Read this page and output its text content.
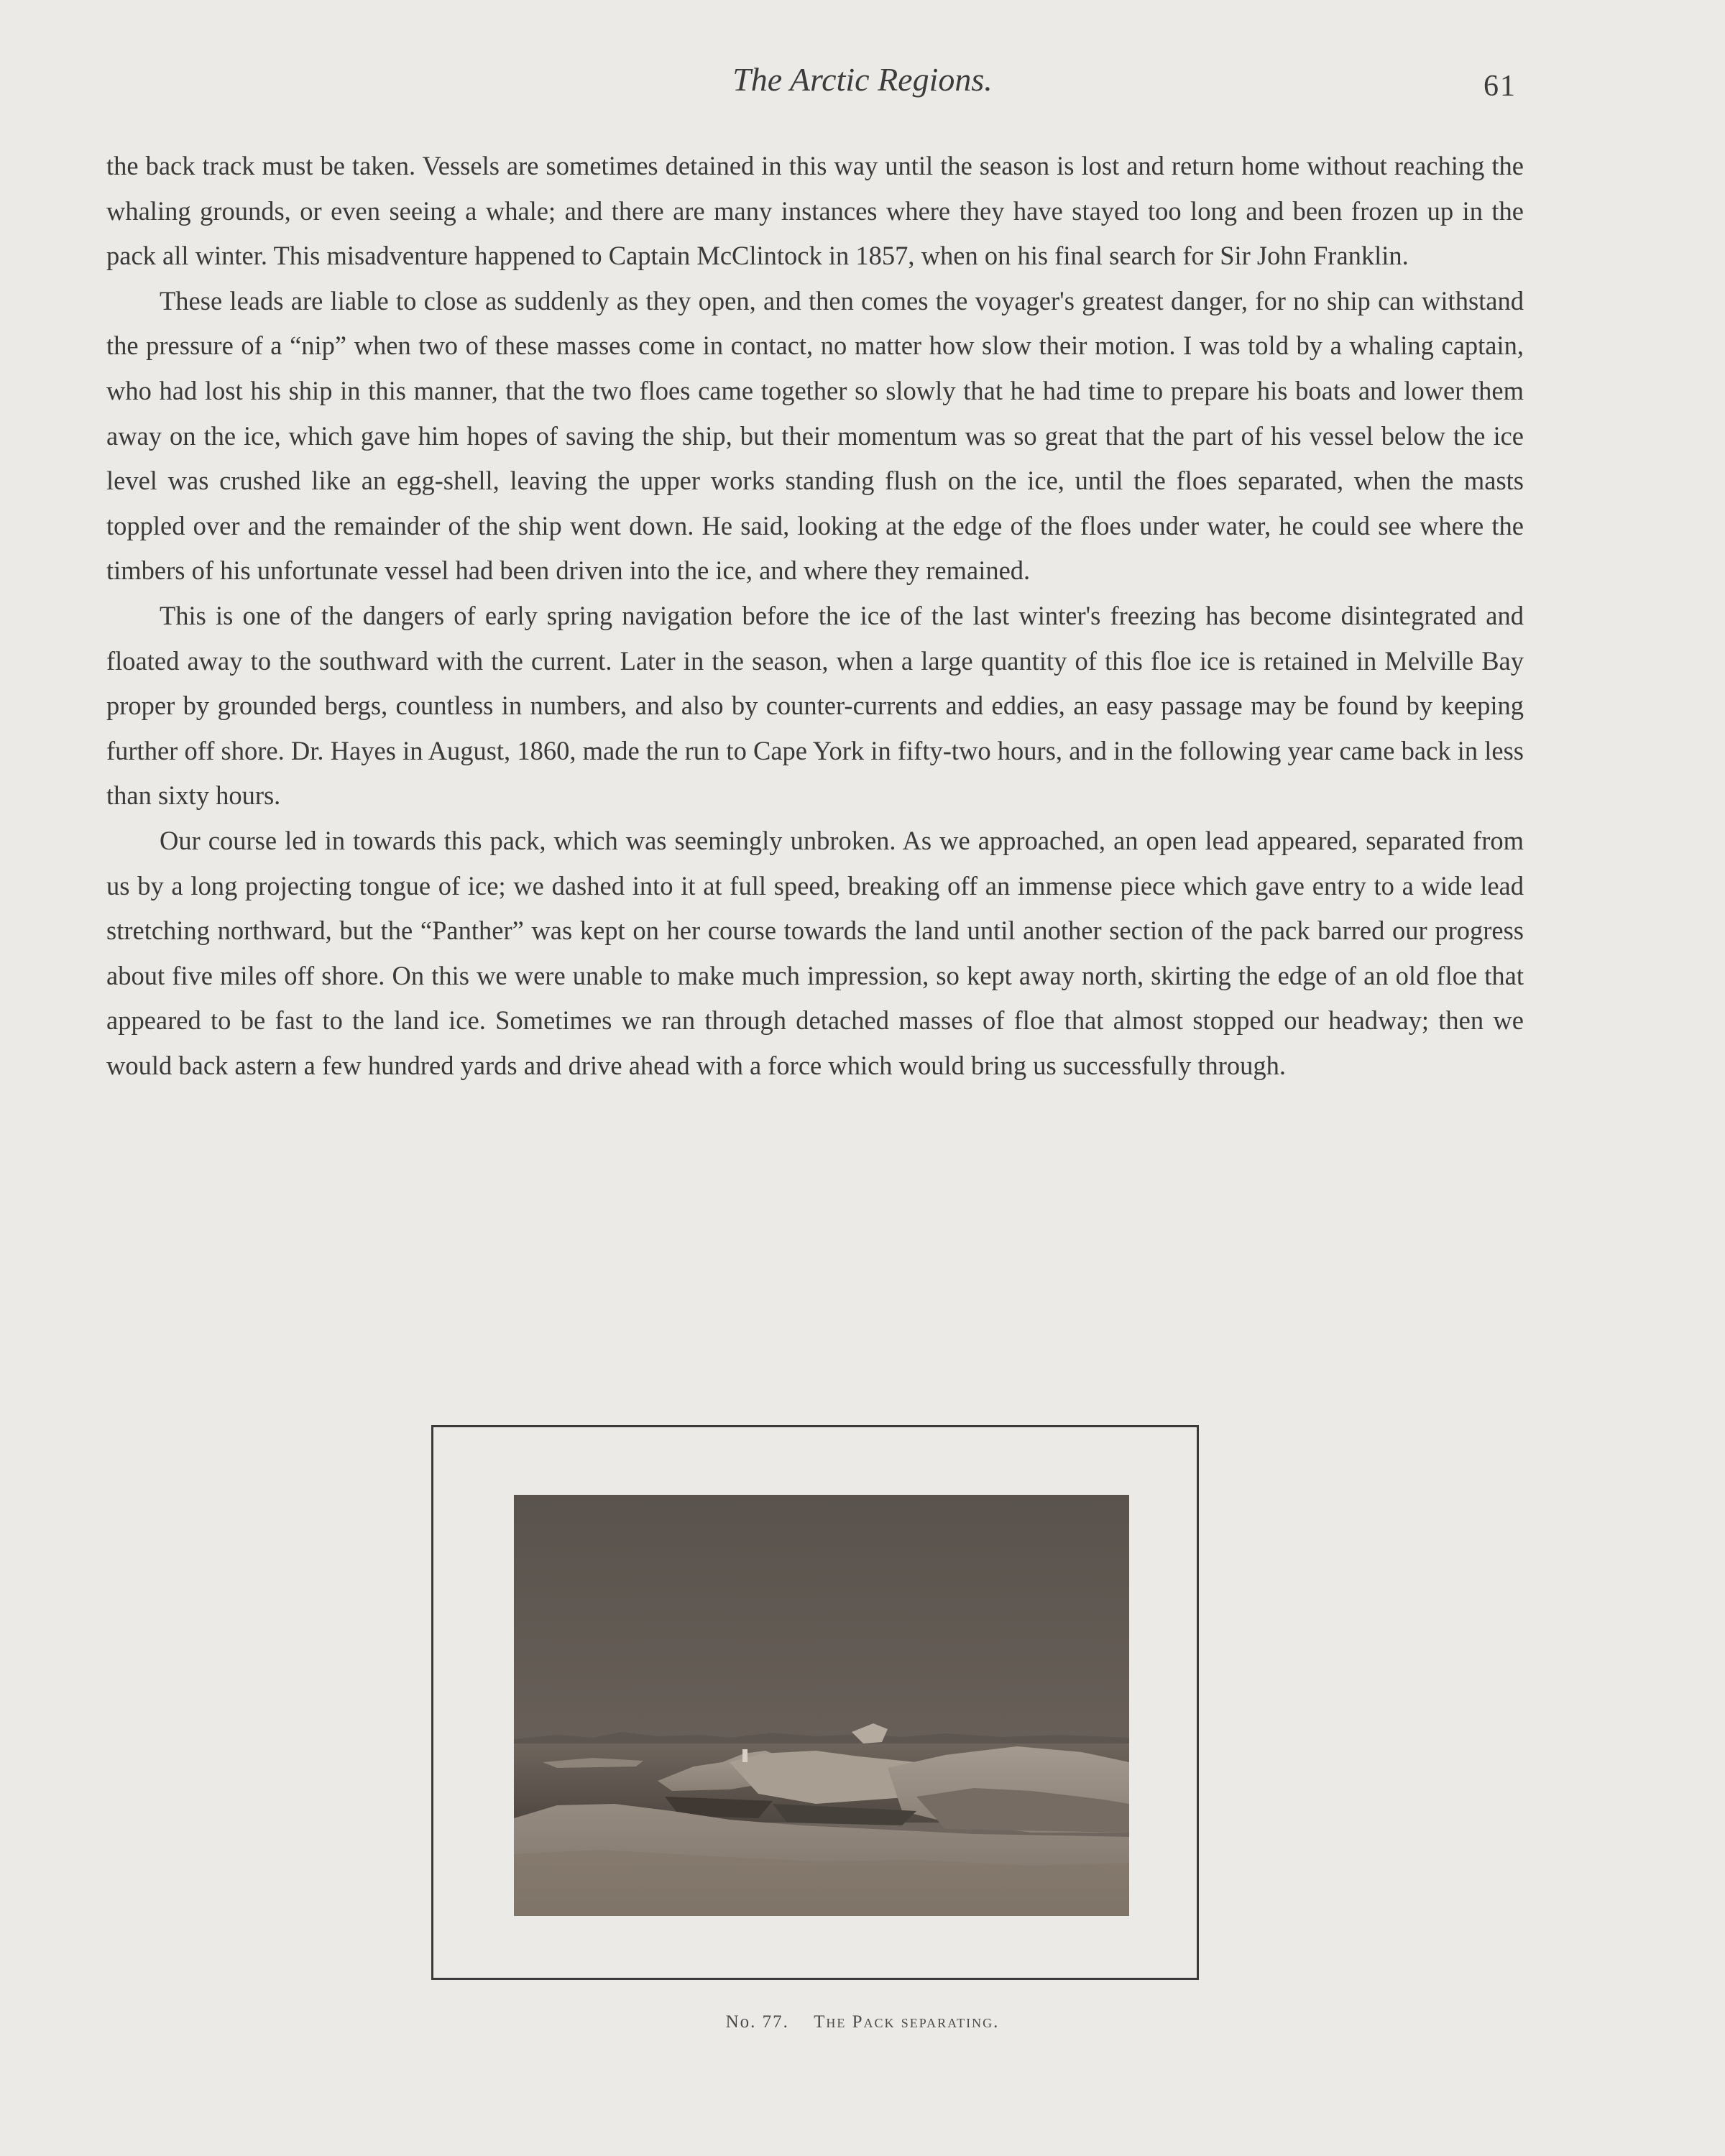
The Arctic Regions.	61

the back track must be taken. Vessels are sometimes detained in this way until the season is lost and return home without reaching the whaling grounds, or even seeing a whale; and there are many instances where they have stayed too long and been frozen up in the pack all winter. This misadventure happened to Captain McClintock in 1857, when on his final search for Sir John Franklin.

These leads are liable to close as suddenly as they open, and then comes the voyager's greatest danger, for no ship can withstand the pressure of a “nip” when two of these masses come in contact, no matter how slow their motion. I was told by a whaling captain, who had lost his ship in this manner, that the two floes came together so slowly that he had time to prepare his boats and lower them away on the ice, which gave him hopes of saving the ship, but their momentum was so great that the part of his vessel below the ice level was crushed like an egg-shell, leaving the upper works standing flush on the ice, until the floes separated, when the masts toppled over and the remainder of the ship went down. He said, looking at the edge of the floes under water, he could see where the timbers of his unfortunate vessel had been driven into the ice, and where they remained.

This is one of the dangers of early spring navigation before the ice of the last winter's freezing has become disintegrated and floated away to the southward with the current. Later in the season, when a large quantity of this floe ice is retained in Melville Bay proper by grounded bergs, countless in numbers, and also by counter-currents and eddies, an easy passage may be found by keeping further off shore. Dr. Hayes in August, 1860, made the run to Cape York in fifty-two hours, and in the following year came back in less than sixty hours.

Our course led in towards this pack, which was seemingly unbroken. As we approached, an open lead appeared, separated from us by a long projecting tongue of ice; we dashed into it at full speed, breaking off an immense piece which gave entry to a wide lead stretching northward, but the “Panther” was kept on her course towards the land until another section of the pack barred our progress about five miles off shore. On this we were unable to make much impression, so kept away north, skirting the edge of an old floe that appeared to be fast to the land ice. Sometimes we ran through detached masses of floe that almost stopped our headway; then we would back astern a few hundred yards and drive ahead with a force which would bring us successfully through.

No. 77. The Pack separating.
